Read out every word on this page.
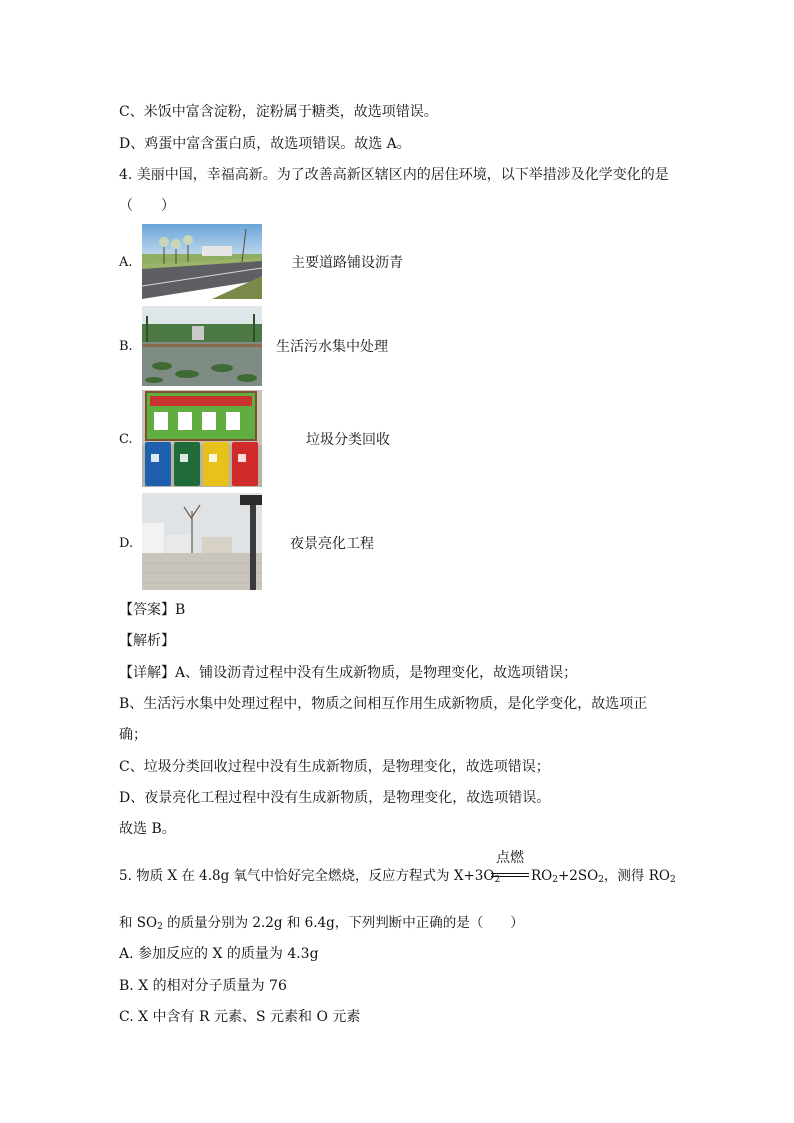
C、米饭中富含淀粉，淀粉属于糖类，故选项错误。
D、鸡蛋中富含蛋白质，故选项错误。故选 A。
4. 美丽中国，幸福高新。为了改善高新区辖区内的居住环境，以下举措涉及化学变化的是
（　　）
A.	主要道路铺设沥青
B.	生活污水集中处理
C.	垃圾分类回收
D.	夜景亮化工程
【答案】B
【解析】
【详解】A、铺设沥青过程中没有生成新物质，是物理变化，故选项错误；
B、生活污水集中处理过程中，物质之间相互作用生成新物质，是化学变化，故选项正
确；
C、垃圾分类回收过程中没有生成新物质，是物理变化，故选项错误；
D、夜景亮化工程过程中没有生成新物质，是物理变化，故选项错误。
故选 B。
5. 物质 X 在 4.8g 氧气中恰好完全燃烧，反应方程式为 $X+3O_2$
点燃
$RO_2+2SO_2$，测得 $RO_2$
和 $SO_2$ 的质量分别为 2.2g 和 6.4g，下列判断中正确的是（　　）
A. 参加反应的 X 的质量为 4.3g
B. X 的相对分子质量为 76
C. X 中含有 R 元素、S 元素和 O 元素
